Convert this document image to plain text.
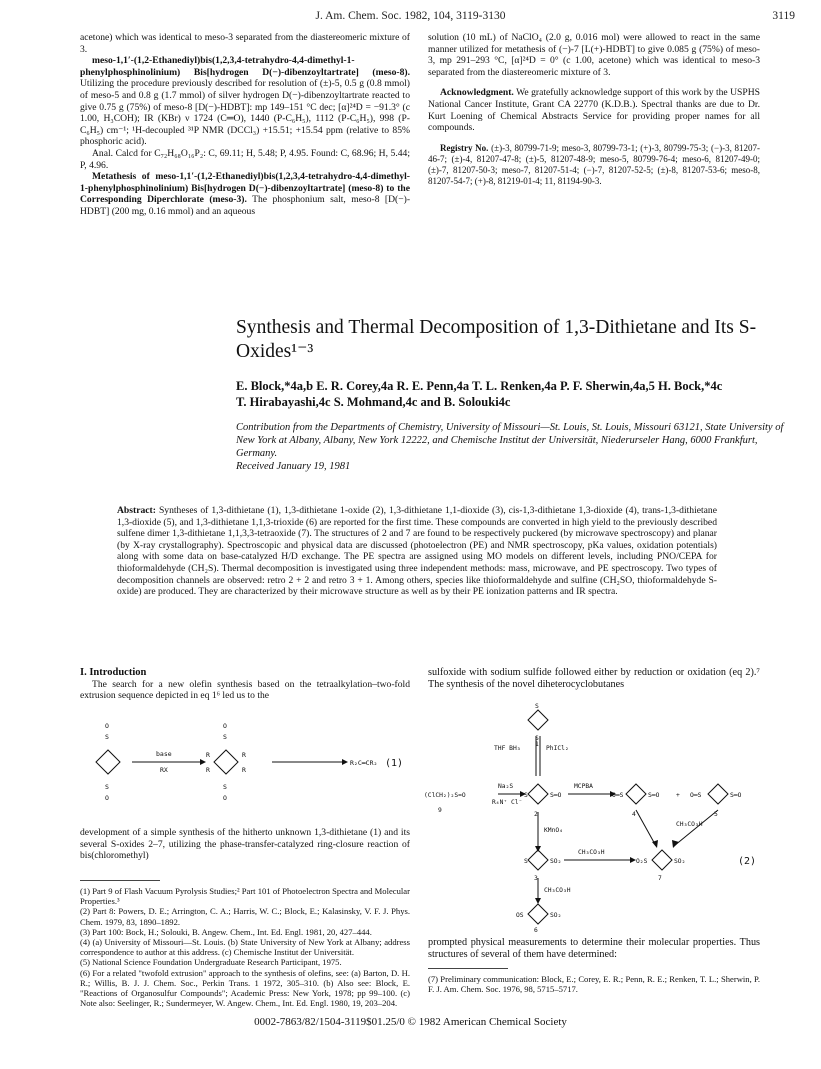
J. Am. Chem. Soc. 1982, 104, 3119-3130	3119

acetone) which was identical to meso-3 separated from the diastereomeric mixture of 3.

meso-1,1′-(1,2-Ethanediyl)bis(1,2,3,4-tetrahydro-4,4-dimethyl-1-phenylphosphinolinium) Bis[hydrogen D(−)-dibenzoyltartrate] (meso-8). Utilizing the procedure previously described for resolution of (±)-5, 0.5 g (0.8 mmol) of meso-5 and 0.8 g (1.7 mmol) of silver hydrogen D(−)-dibenzoyltartrate reacted to give 0.75 g (75%) of meso-8 [D(−)-HDBT]: mp 149–151 °C dec; [α]²⁴D = −91.3° (c 1.00, H₃COH); IR (KBr) ν 1724 (C═O), 1440 (P-C₆H₅), 1112 (P-C₆H₅), 998 (P-C₆H₅) cm⁻¹; ¹H-decoupled ³¹P NMR (DCCl₃) +15.51; +15.54 ppm (relative to 85% phosphoric acid).

Anal. Calcd for C₇₂H₆₈O₁₆P₂: C, 69.11; H, 5.48; P, 4.95. Found: C, 68.96; H, 5.44; P, 4.96.

Metathesis of meso-1,1′-(1,2-Ethanediyl)bis(1,2,3,4-tetrahydro-4,4-dimethyl-1-phenylphosphinolinium) Bis[hydrogen D(−)-dibenzoyltartrate] (meso-8) to the Corresponding Diperchlorate (meso-3). The phosphonium salt, meso-8 [D(−)-HDBT] (200 mg, 0.16 mmol) and an aqueous

solution (10 mL) of NaClO₄ (2.0 g, 0.016 mol) were allowed to react in the same manner utilized for metathesis of (−)-7 [L(+)-HDBT] to give 0.085 g (75%) of meso-3, mp 291–293 °C, [α]²⁴D = 0° (c 1.00, acetone) which was identical to meso-3 separated from the diastereomeric mixture of 3.

Acknowledgment. We gratefully acknowledge support of this work by the USPHS National Cancer Institute, Grant CA 22770 (K.D.B.). Spectral thanks are due to Dr. Kurt Loening of Chemical Abstracts Service for providing proper names for all compounds.

Registry No. (±)-3, 80799-71-9; meso-3, 80799-73-1; (+)-3, 80799-75-3; (−)-3, 81207-46-7; (±)-4, 81207-47-8; (±)-5, 81207-48-9; meso-5, 80799-76-4; meso-6, 81207-49-0; (±)-7, 81207-50-3; meso-7, 81207-51-4; (−)-7, 81207-52-5; (±)-8, 81207-53-6; meso-8, 81207-54-7; (+)-8, 81219-01-4; 11, 81194-90-3.

Synthesis and Thermal Decomposition of 1,3-Dithietane and Its S-Oxides¹⁻³
E. Block,*4a,b E. R. Corey,4a R. E. Penn,4a T. L. Renken,4a P. F. Sherwin,4a,5 H. Bock,*4c
T. Hirabayashi,4c S. Mohmand,4c and B. Solouki4c
Contribution from the Departments of Chemistry, University of Missouri—St. Louis, St. Louis, Missouri 63121, State University of New York at Albany, Albany, New York 12222, and Chemische Institut der Universität, Niederurseler Hang, 6000 Frankfurt, Germany.
Received January 19, 1981
Abstract: Syntheses of 1,3-dithietane (1), 1,3-dithietane 1-oxide (2), 1,3-dithietane 1,1-dioxide (3), cis-1,3-dithietane 1,3-dioxide (4), trans-1,3-dithietane 1,3-dioxide (5), and 1,3-dithietane 1,1,3-trioxide (6) are reported for the first time. These compounds are converted in high yield to the previously described sulfene dimer 1,3-dithietane 1,1,3,3-tetraoxide (7). The structures of 2 and 7 are found to be respectively puckered (by microwave spectroscopy) and planar (by X-ray crystallography). Spectroscopic and physical data are discussed (photoelectron (PE) and NMR spectroscopy, pKa values, oxidation potentials) along with some data on base-catalyzed H/D exchange. The PE spectra are assigned using MO models on different levels, including PNO/CEPA for thioformaldehyde (CH₂S). Thermal decomposition is investigated using three independent methods: mass, microwave, and PE spectroscopy. Two types of decomposition channels are observed: retro 2 + 2 and retro 3 + 1. Among others, species like thioformaldehyde and sulfine (CH₂SO, thioformaldehyde S-oxide) are produced. They are characterized by their microwave structure as well as by their PE ionization patterns and IR spectra.
I. Introduction

The search for a new olefin synthesis based on the tetraalkylation–two-fold extrusion sequence depicted in eq 1⁶ led us to the

O
S
S
O
O
S
S
O
R
R
R
R
base
RX
R₂C═CR₂ (1)

development of a simple synthesis of the hitherto unknown 1,3-dithietane (1) and its several S-oxides 2–7, utilizing the phase-transfer-catalyzed ring-closure reaction of bis(chloromethyl)

(1) Part 9 of Flash Vacuum Pyrolysis Studies;² Part 101 of Photoelectron Spectra and Molecular Properties.³

(2) Part 8: Powers, D. E.; Arrington, C. A.; Harris, W. C.; Block, E.; Kalasinsky, V. F. J. Phys. Chem. 1979, 83, 1890–1892.

(3) Part 100: Bock, H.; Solouki, B. Angew. Chem., Int. Ed. Engl. 1981, 20, 427–444.

(4) (a) University of Missouri—St. Louis. (b) State University of New York at Albany; address correspondence to author at this address. (c) Chemische Institut der Universität.

(5) National Science Foundation Undergraduate Research Participant, 1975.

(6) For a related "twofold extrusion" approach to the synthesis of olefins, see: (a) Barton, D. H. R.; Willis, B. J. J. Chem. Soc., Perkin Trans. 1 1972, 305–310. (b) Also see: Block, E. "Reactions of Organosulfur Compounds"; Academic Press: New York, 1978; pp 99–100. (c) Note also: Seelinger, R.; Sundermeyer, W. Angew. Chem., Int. Ed. Engl. 1980, 19, 203–204.

sulfoxide with sodium sulfide followed either by reduction or oxidation (eq 2).⁷ The synthesis of the novel diheterocyclobutanes

S
S
1
THF BH₃	PhICl₂
(ClCH₂)₂S=O
9
Na₂S
R₄N⁺ Cl⁻
S	S═O
2
MCPBA
O═S	S═O
4
+ O═S	S═O
5
KMnO₄
CH₃CO₃H
S	SO₂
3
CH₃CO₃H
O₂S	SO₂
7
CH₃CO₃H
OS	SO₂
6
(2)

prompted physical measurements to determine their molecular properties. Thus structures of several of them have determined:

(7) Preliminary communication: Block, E.; Corey, E. R.; Penn, R. E.; Renken, T. L.; Sherwin, P. F. J. Am. Chem. Soc. 1976, 98, 5715–5717.

0002-7863/82/1504-3119$01.25/0 © 1982 American Chemical Society
